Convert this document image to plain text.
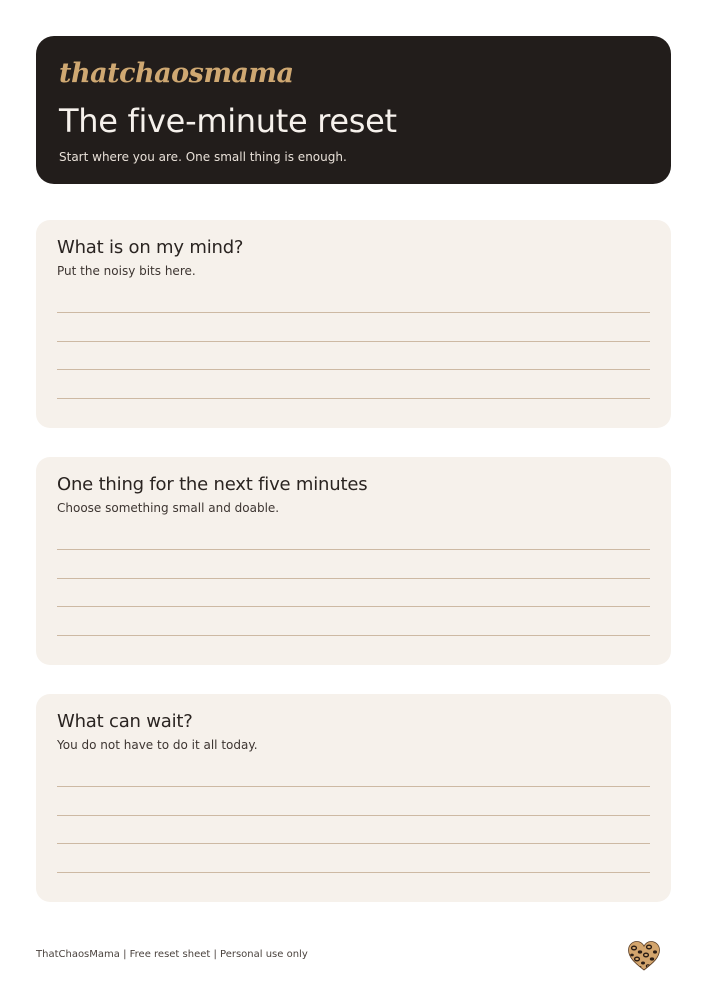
thatchaosmama
The five-minute reset
Start where you are. One small thing is enough.
What is on my mind?
Put the noisy bits here.
One thing for the next five minutes
Choose something small and doable.
What can wait?
You do not have to do it all today.
ThatChaosMama | Free reset sheet | Personal use only
